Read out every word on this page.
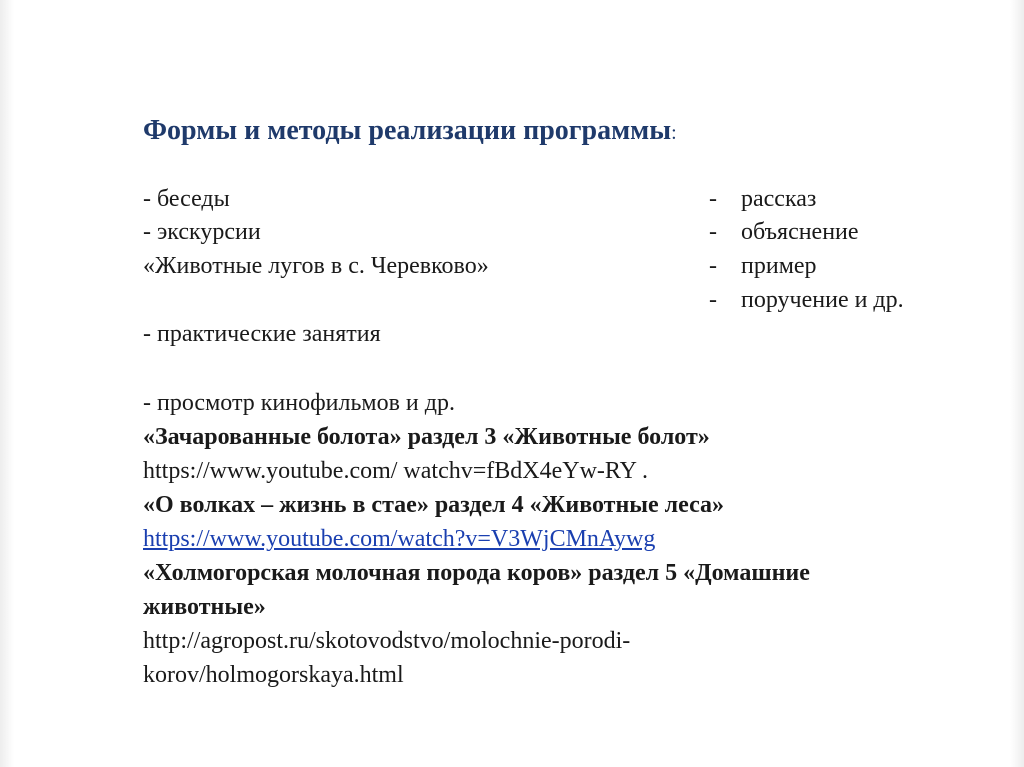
Формы и методы реализации программы:
- беседы
- экскурсии
«Животные лугов в с. Черевково»
- практические занятия
- просмотр кинофильмов и др.
- рассказ
- объяснение
- пример
- поручение и др.
«Зачарованные болота» раздел 3 «Животные болот»
https://www.youtube.com/ watchv=fBdX4eYw-RY .
«О волках – жизнь в стае» раздел 4 «Животные леса»
https://www.youtube.com/watch?v=V3WjCMnAywg
«Холмогорская молочная порода коров» раздел 5 «Домашние
животные»
http://agropost.ru/skotovodstvo/molochnie-porodi-
korov/holmogorskaya.html
